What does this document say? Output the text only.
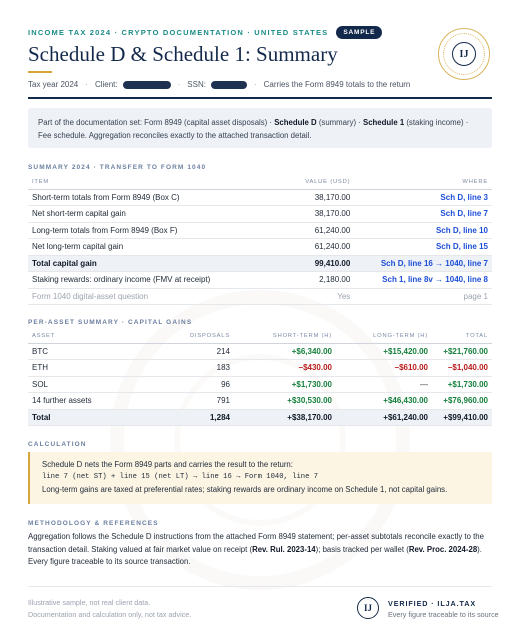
INCOME TAX 2024 · CRYPTO DOCUMENTATION · UNITED STATES	SAMPLE
Schedule D & Schedule 1: Summary	IJ
Tax year 2024 · Client:	· SSN:	· Carries the Form 8949 totals to the return
Part of the documentation set: Form 8949 (capital asset disposals) · Schedule D (summary) · Schedule 1 (staking income) · Fee schedule. Aggregation reconciles exactly to the attached transaction detail.
SUMMARY 2024 · TRANSFER TO FORM 1040
ITEM	VALUE (USD)	WHERE
Short-term totals from Form 8949 (Box C)	38,170.00	Sch D, line 3
Net short-term capital gain	38,170.00	Sch D, line 7
Long-term totals from Form 8949 (Box F)	61,240.00	Sch D, line 10
Net long-term capital gain	61,240.00	Sch D, line 15
Total capital gain	99,410.00	Sch D, line 16 → 1040, line 7
Staking rewards: ordinary income (FMV at receipt)	2,180.00	Sch 1, line 8v → 1040, line 8
Form 1040 digital-asset question	Yes	page 1
PER-ASSET SUMMARY · CAPITAL GAINS
ASSET	DISPOSALS	SHORT-TERM (H)	LONG-TERM (H)	TOTAL
BTC	214	+$6,340.00	+$15,420.00	+$21,760.00
ETH	183	−$430.00	−$610.00	−$1,040.00
SOL	96	+$1,730.00	—	+$1,730.00
14 further assets	791	+$30,530.00	+$46,430.00	+$76,960.00
Total	1,284	+$38,170.00	+$61,240.00	+$99,410.00
CALCULATION
Schedule D nets the Form 8949 parts and carries the result to the return:
line 7 (net ST) + line 15 (net LT) → line 16 → Form 1040, line 7
Long-term gains are taxed at preferential rates; staking rewards are ordinary income on Schedule 1, not capital gains.
METHODOLOGY & REFERENCES
Aggregation follows the Schedule D instructions from the attached Form 8949 statement; per-asset subtotals reconcile exactly to the transaction detail. Staking valued at fair market value on receipt (Rev. Rul. 2023-14); basis tracked per wallet (Rev. Proc. 2024-28). Every figure traceable to its source transaction.
Illustrative sample, not real client data.
Documentation and calculation only, not tax advice.
IJ	VERIFIED · ILJA.TAX
Every figure traceable to its source
